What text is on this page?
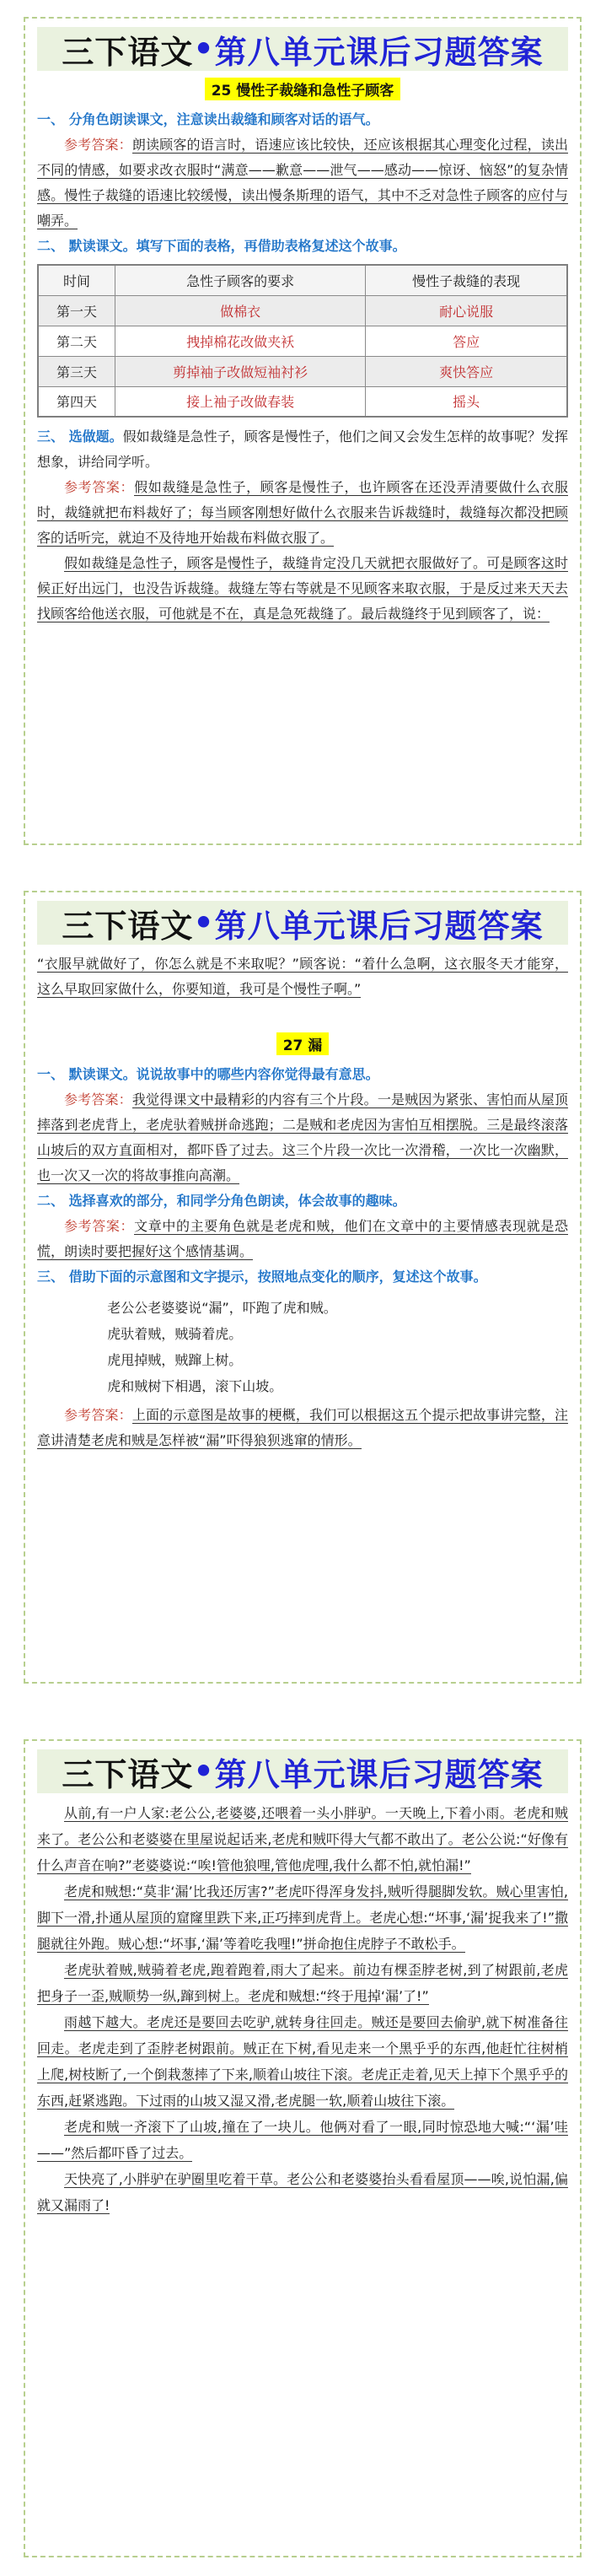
三下语文 • 第八单元课后习题答案
25 慢性子裁缝和急性子顾客

一、 分角色朗读课文，注意读出裁缝和顾客对话的语气。

参考答案：朗读顾客的语言时，语速应该比较快，还应该根据其心理变化过程，读出不同的情感，如要求改衣服时“满意——歉意——泄气——感动——惊讶、恼怒”的复杂情感。慢性子裁缝的语速比较缓慢，读出慢条斯理的语气，其中不乏对急性子顾客的应付与嘲弄。

二、 默读课文。填写下面的表格，再借助表格复述这个故事。

时间	急性子顾客的要求	慢性子裁缝的表现
第一天	做棉衣	耐心说服
第二天	拽掉棉花改做夹袄	答应
第三天	剪掉袖子改做短袖衬衫	爽快答应
第四天	接上袖子改做春装	摇头

三、 选做题。假如裁缝是急性子，顾客是慢性子，他们之间又会发生怎样的故事呢？发挥想象，讲给同学听。

参考答案：假如裁缝是急性子，顾客是慢性子，也许顾客在还没弄清要做什么衣服时，裁缝就把布料裁好了；每当顾客刚想好做什么衣服来告诉裁缝时，裁缝每次都没把顾客的话听完，就迫不及待地开始裁布料做衣服了。

假如裁缝是急性子，顾客是慢性子，裁缝肯定没几天就把衣服做好了。可是顾客这时候正好出远门，也没告诉裁缝。裁缝左等右等就是不见顾客来取衣服，于是反过来天天去找顾客给他送衣服，可他就是不在，真是急死裁缝了。最后裁缝终于见到顾客了，说：

三下语文 • 第八单元课后习题答案

“衣服早就做好了，你怎么就是不来取呢？”顾客说：“着什么急啊，这衣服冬天才能穿，这么早取回家做什么，你要知道，我可是个慢性子啊。”

27 漏

一、 默读课文。说说故事中的哪些内容你觉得最有意思。

参考答案：我觉得课文中最精彩的内容有三个片段。一是贼因为紧张、害怕而从屋顶摔落到老虎背上，老虎驮着贼拼命逃跑；二是贼和老虎因为害怕互相摆脱。三是最终滚落山坡后的双方直面相对，都吓昏了过去。这三个片段一次比一次滑稽，一次比一次幽默，也一次又一次的将故事推向高潮。

二、 选择喜欢的部分，和同学分角色朗读，体会故事的趣味。

参考答案：文章中的主要角色就是老虎和贼，他们在文章中的主要情感表现就是恐慌，朗读时要把握好这个感情基调。

三、 借助下面的示意图和文字提示，按照地点变化的顺序，复述这个故事。

老公公老婆婆说“漏”，吓跑了虎和贼。

虎驮着贼，贼骑着虎。

虎甩掉贼，贼蹿上树。

虎和贼树下相遇，滚下山坡。

参考答案：上面的示意图是故事的梗概，我们可以根据这五个提示把故事讲完整，注意讲清楚老虎和贼是怎样被“漏”吓得狼狈逃窜的情形。

三下语文 • 第八单元课后习题答案

从前,有一户人家:老公公,老婆婆,还喂着一头小胖驴。一天晚上,下着小雨。老虎和贼来了。老公公和老婆婆在里屋说起话来,老虎和贼吓得大气都不敢出了。老公公说:“好像有什么声音在响?”老婆婆说:“唉!管他狼哩,管他虎哩,我什么都不怕,就怕漏!”

老虎和贼想:“莫非‘漏’比我还厉害?”老虎吓得浑身发抖,贼听得腿脚发软。贼心里害怕,脚下一滑,扑通从屋顶的窟窿里跌下来,正巧摔到虎背上。老虎心想:“坏事,‘漏’捉我来了!”撒腿就往外跑。贼心想:“坏事,‘漏’等着吃我哩!”拼命抱住虎脖子不敢松手。

老虎驮着贼,贼骑着老虎,跑着跑着,雨大了起来。前边有棵歪脖老树,到了树跟前,老虎把身子一歪,贼顺势一纵,蹿到树上。老虎和贼想:“终于甩掉‘漏’了!”

雨越下越大。老虎还是要回去吃驴,就转身往回走。贼还是要回去偷驴,就下树准备往回走。老虎走到了歪脖老树跟前。贼正在下树,看见走来一个黑乎乎的东西,他赶忙往树梢上爬,树枝断了,一个倒栽葱摔了下来,顺着山坡往下滚。老虎正走着,见天上掉下个黑乎乎的东西,赶紧逃跑。下过雨的山坡又湿又滑,老虎腿一软,顺着山坡往下滚。

老虎和贼一齐滚下了山坡,撞在了一块儿。他俩对看了一眼,同时惊恐地大喊:“‘漏’哇——”然后都吓昏了过去。

天快亮了,小胖驴在驴圈里吃着干草。老公公和老婆婆抬头看看屋顶——唉,说怕漏,偏就又漏雨了!
